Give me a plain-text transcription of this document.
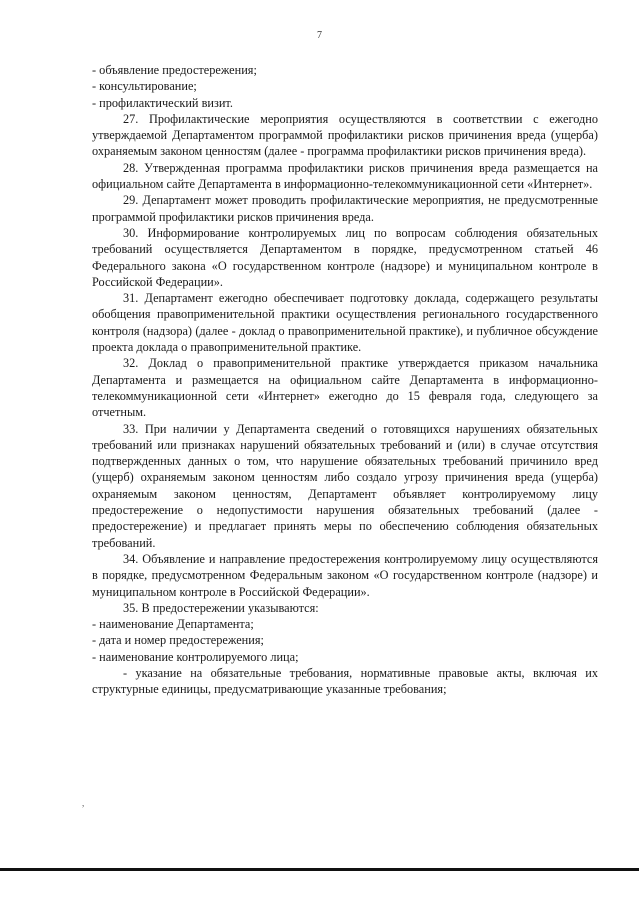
7

- объявление предостережения;

- консультирование;

- профилактический визит.

27. Профилактические мероприятия осуществляются в соответствии с ежегодно утверждаемой Департаментом программой профилактики рисков причинения вреда (ущерба) охраняемым законом ценностям (далее - программа профилактики рисков причинения вреда).

28. Утвержденная программа профилактики рисков причинения вреда размещается на официальном сайте Департамента в информационно-телекоммуникационной сети «Интернет».

29. Департамент может проводить профилактические мероприятия, не предусмотренные программой профилактики рисков причинения вреда.

30. Информирование контролируемых лиц по вопросам соблюдения обязательных требований осуществляется Департаментом в порядке, предусмотренном статьей 46 Федерального закона «О государственном контроле (надзоре) и муниципальном контроле в Российской Федерации».

31. Департамент ежегодно обеспечивает подготовку доклада, содержащего результаты обобщения правоприменительной практики осуществления регионального государственного контроля (надзора) (далее - доклад о правоприменительной практике), и публичное обсуждение проекта доклада о правоприменительной практике.

32. Доклад о правоприменительной практике утверждается приказом начальника Департамента и размещается на официальном сайте Департамента в информационно-телекоммуникационной сети «Интернет» ежегодно до 15 февраля года, следующего за отчетным.

33. При наличии у Департамента сведений о готовящихся нарушениях обязательных требований или признаках нарушений обязательных требований и (или) в случае отсутствия подтвержденных данных о том, что нарушение обязательных требований причинило вред (ущерб) охраняемым законом ценностям либо создало угрозу причинения вреда (ущерба) охраняемым законом ценностям, Департамент объявляет контролируемому лицу предостережение о недопустимости нарушения обязательных требований (далее - предостережение) и предлагает принять меры по обеспечению соблюдения обязательных требований.

34. Объявление и направление предостережения контролируемому лицу осуществляются в порядке, предусмотренном Федеральным законом «О государственном контроле (надзоре) и муниципальном контроле в Российской Федерации».

35. В предостережении указываются:

- наименование Департамента;

- дата и номер предостережения;

- наименование контролируемого лица;

- указание на обязательные требования, нормативные правовые акты, включая их структурные единицы, предусматривающие указанные требования;

,
